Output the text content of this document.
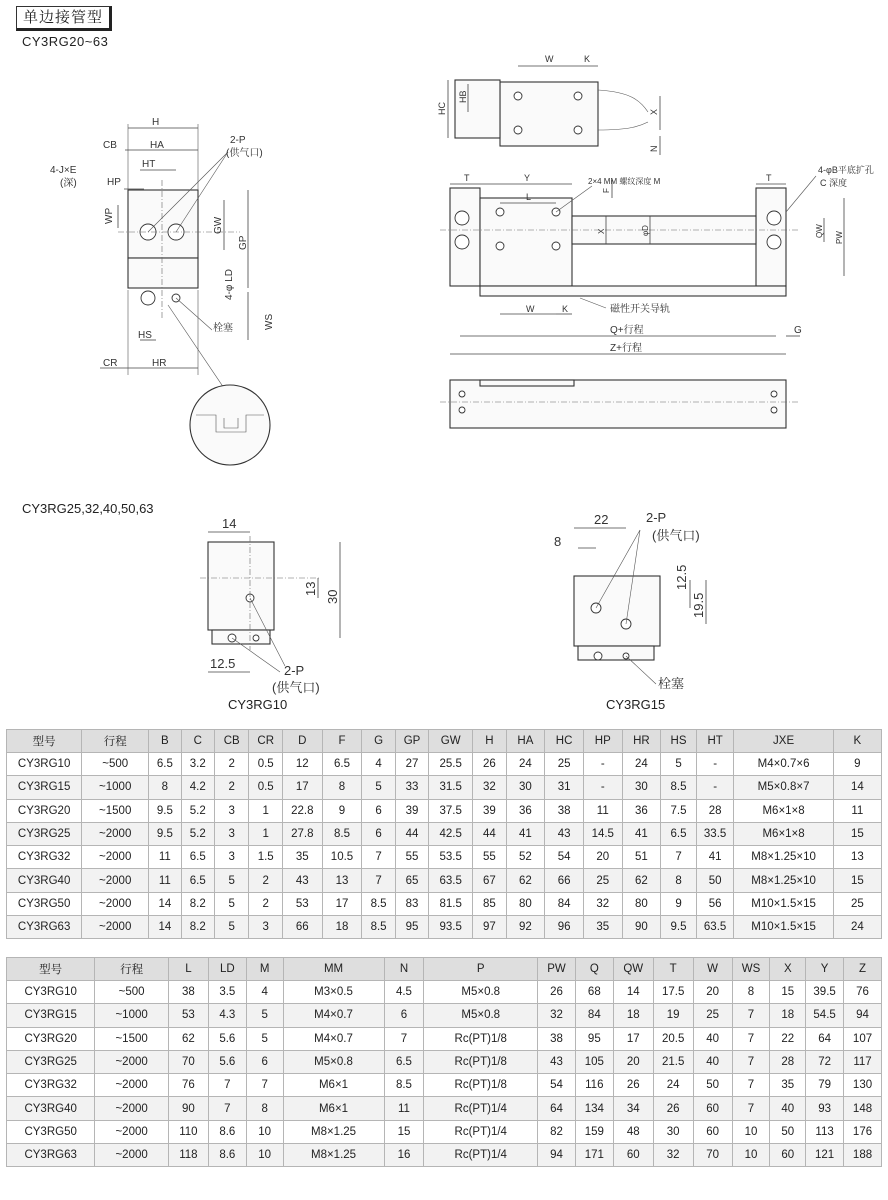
单边接管型
CY3RG20~63
H
CB	HA
HT
2-P
(供气口)
4-J×E
(深)	HP
WP
GW
GP
4-φ LD
WS
HS
栓塞
CR	HR
W	K
HC
HB
X
N
T	Y	T
2×4 MM 螺纹深度 M
L
F
X	φD
4-φB平底扩孔
C 深度
QW PW
W	K	磁性开关导轨
Q+行程	G
Z+行程
14
13
30
12.5	2-P
(供气口)
22
8
12.5
19.5
2-P
(供气口)
栓塞
CY3RG25,32,40,50,63
CY3RG10	CY3RG15
型号	行程	B	C	CB	CR	D	F	G	GP	GW	H	HA	HC	HP	HR	HS	HT	JXE	K
CY3RG10	~500	6.5	3.2	2	0.5	12	6.5	4	27	25.5	26	24	25	-	24	5	-	M4×0.7×6	9
CY3RG15	~1000	8	4.2	2	0.5	17	8	5	33	31.5	32	30	31	-	30	8.5	-	M5×0.8×7	14
CY3RG20	~1500	9.5	5.2	3	1	22.8	9	6	39	37.5	39	36	38	11	36	7.5	28	M6×1×8	11
CY3RG25	~2000	9.5	5.2	3	1	27.8	8.5	6	44	42.5	44	41	43	14.5	41	6.5	33.5	M6×1×8	15
CY3RG32	~2000	11	6.5	3	1.5	35	10.5	7	55	53.5	55	52	54	20	51	7	41	M8×1.25×10	13
CY3RG40	~2000	11	6.5	5	2	43	13	7	65	63.5	67	62	66	25	62	8	50	M8×1.25×10	15
CY3RG50	~2000	14	8.2	5	2	53	17	8.5	83	81.5	85	80	84	32	80	9	56	M10×1.5×15	25
CY3RG63	~2000	14	8.2	5	3	66	18	8.5	95	93.5	97	92	96	35	90	9.5	63.5	M10×1.5×15	24
型号	行程	L	LD	M	MM	N	P	PW	Q	QW	T	W	WS	X	Y	Z
CY3RG10	~500	38	3.5	4	M3×0.5	4.5	M5×0.8	26	68	14	17.5	20	8	15	39.5	76
CY3RG15	~1000	53	4.3	5	M4×0.7	6	M5×0.8	32	84	18	19	25	7	18	54.5	94
CY3RG20	~1500	62	5.6	5	M4×0.7	7	Rc(PT)1/8	38	95	17	20.5	40	7	22	64	107
CY3RG25	~2000	70	5.6	6	M5×0.8	6.5	Rc(PT)1/8	43	105	20	21.5	40	7	28	72	117
CY3RG32	~2000	76	7	7	M6×1	8.5	Rc(PT)1/8	54	116	26	24	50	7	35	79	130
CY3RG40	~2000	90	7	8	M6×1	11	Rc(PT)1/4	64	134	34	26	60	7	40	93	148
CY3RG50	~2000	110	8.6	10	M8×1.25	15	Rc(PT)1/4	82	159	48	30	60	10	50	113	176
CY3RG63	~2000	118	8.6	10	M8×1.25	16	Rc(PT)1/4	94	171	60	32	70	10	60	121	188
